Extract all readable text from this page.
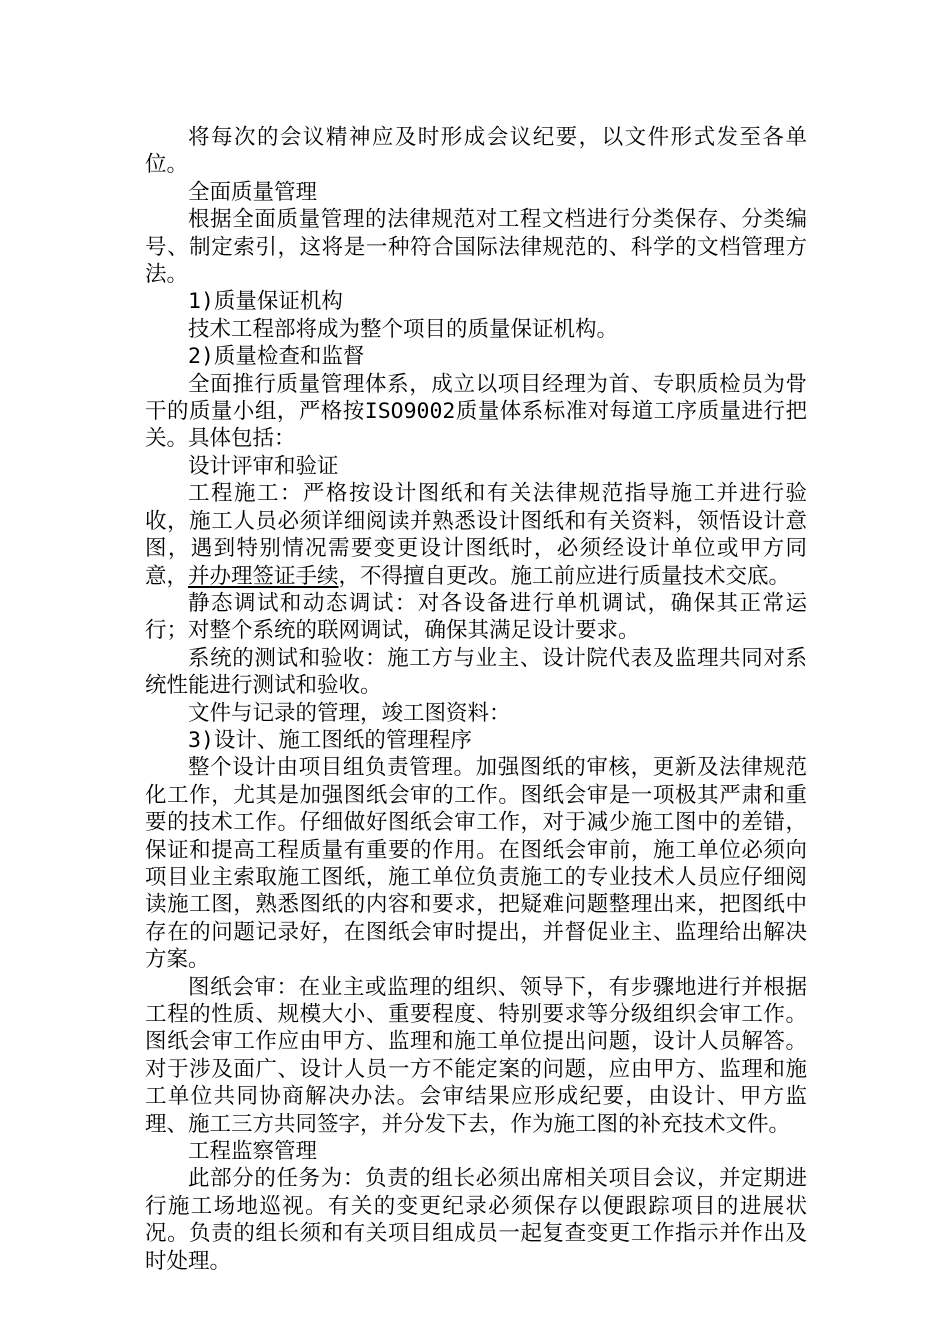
将每次的会议精神应及时形成会议纪要，以文件形式发至各单位。

全面质量管理

根据全面质量管理的法律规范对工程文档进行分类保存、分类编号、制定索引，这将是一种符合国际法律规范的、科学的文档管理方法。

1)质量保证机构

技术工程部将成为整个项目的质量保证机构。

2)质量检查和监督

全面推行质量管理体系，成立以项目经理为首、专职质检员为骨干的质量小组，严格按ISO9002质量体系标准对每道工序质量进行把关。具体包括：

设计评审和验证

工程施工：严格按设计图纸和有关法律规范指导施工并进行验收，施工人员必须详细阅读并熟悉设计图纸和有关资料，领悟设计意图，遇到特别情况需要变更设计图纸时，必须经设计单位或甲方同意，并办理签证手续，不得擅自更改。施工前应进行质量技术交底。

静态调试和动态调试：对各设备进行单机调试，确保其正常运行；对整个系统的联网调试，确保其满足设计要求。

系统的测试和验收：施工方与业主、设计院代表及监理共同对系统性能进行测试和验收。

文件与记录的管理，竣工图资料：

3)设计、施工图纸的管理程序

整个设计由项目组负责管理。加强图纸的审核，更新及法律规范化工作，尤其是加强图纸会审的工作。图纸会审是一项极其严肃和重要的技术工作。仔细做好图纸会审工作，对于减少施工图中的差错，保证和提高工程质量有重要的作用。在图纸会审前，施工单位必须向项目业主索取施工图纸，施工单位负责施工的专业技术人员应仔细阅读施工图，熟悉图纸的内容和要求，把疑难问题整理出来，把图纸中存在的问题记录好，在图纸会审时提出，并督促业主、监理给出解决方案。

图纸会审：在业主或监理的组织、领导下，有步骤地进行并根据工程的性质、规模大小、重要程度、特别要求等分级组织会审工作。图纸会审工作应由甲方、监理和施工单位提出问题，设计人员解答。对于涉及面广、设计人员一方不能定案的问题，应由甲方、监理和施工单位共同协商解决办法。会审结果应形成纪要，由设计、甲方监理、施工三方共同签字，并分发下去，作为施工图的补充技术文件。

工程监察管理

此部分的任务为：负责的组长必须出席相关项目会议，并定期进行施工场地巡视。有关的变更纪录必须保存以便跟踪项目的进展状况。负责的组长须和有关项目组成员一起复查变更工作指示并作出及时处理。
